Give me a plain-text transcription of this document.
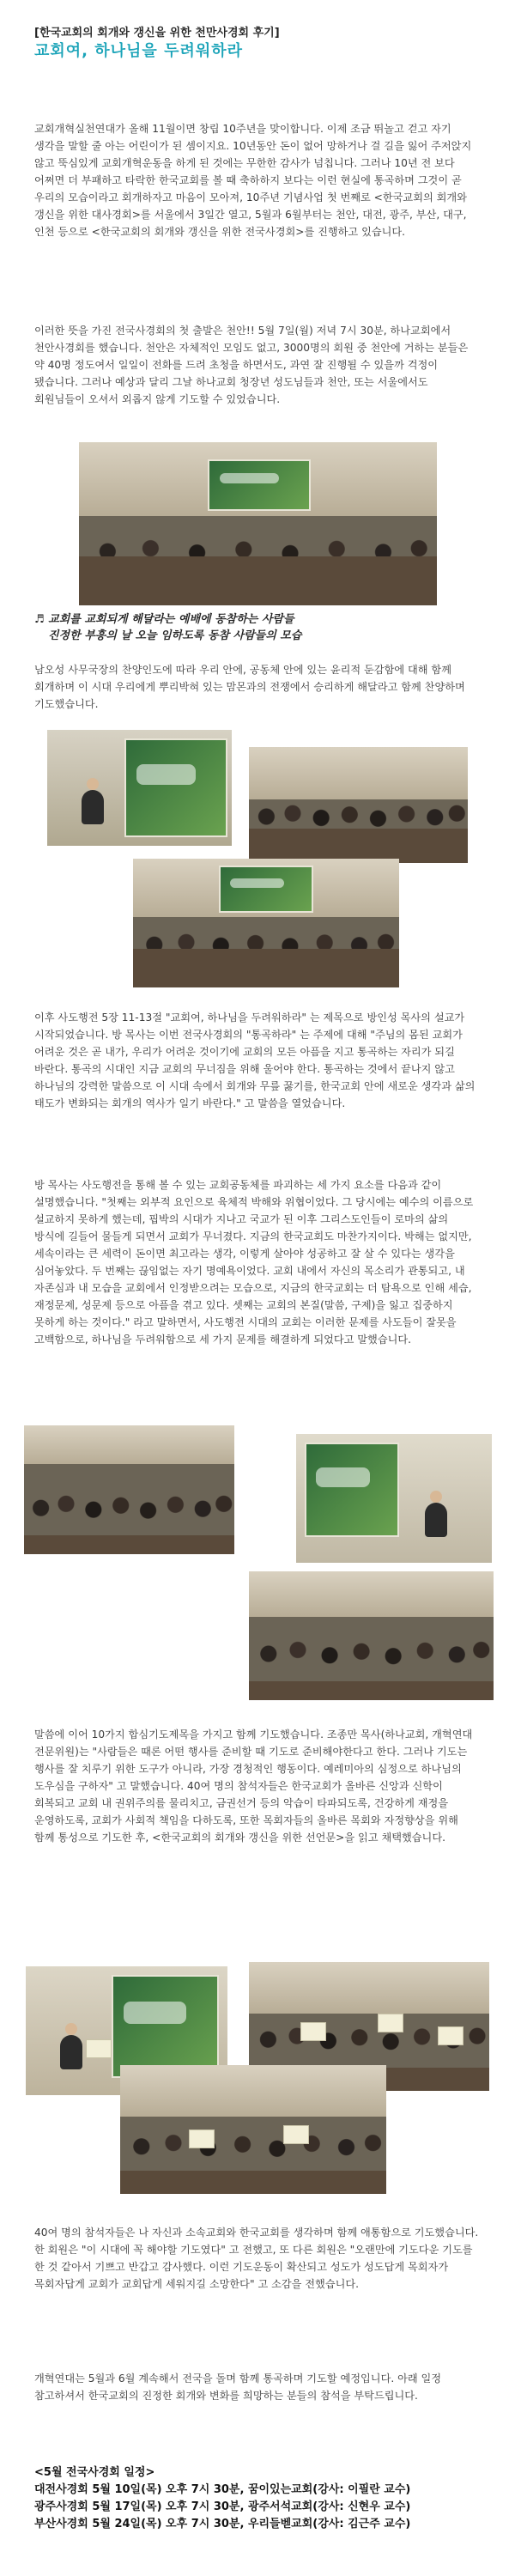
[한국교회의 회개와 갱신을 위한 천만사경회 후기]
교회여, 하나님을 두려워하라

교회개혁실천연대가 올해 11월이면 창립 10주년을 맞이합니다. 이제 조금 뛰놀고 걷고 자기 생각을 말할 줄 아는 어린이가 된 셈이지요. 10년동안 돈이 없어 망하거나 걸 길을 잃어 주저앉지 않고 뚝심있게 교회개혁운동을 하게 된 것에는 무한한 감사가 넘칩니다. 그러나 10년 전 보다 어쩌면 더 부패하고 타락한 한국교회를 볼 때 축하하지 보다는 이런 현실에 통곡하며 그것이 곧 우리의 모습이라고 회개하자고 마음이 모아져, 10주년 기념사업 첫 번째로 <한국교회의 회개와 갱신을 위한 대사경회>를 서울에서 3일간 열고, 5월과 6월부터는 천안, 대전, 광주, 부산, 대구, 인천 등으로 <한국교회의 회개와 갱신을 위한 전국사경회>를 진행하고 있습니다.

이러한 뜻을 가진 전국사경회의 첫 출발은 천안!! 5월 7일(월) 저녁 7시 30분, 하나교회에서 천안사경회를 했습니다. 천안은 자체적인 모임도 없고, 3000명의 회원 중 천안에 거하는 분들은 약 40명 정도여서 일일이 전화를 드려 초청을 하면서도, 과연 잘 진행될 수 있을까 걱정이 됐습니다. 그러나 예상과 달리 그날 하나교회 청장년 성도님들과 천안, 또는 서울에서도 회원님들이 오셔서 외롭지 않게 기도할 수 있었습니다.

♬ 교회를 교회되게 해달라는 예배에 동참하는 사람들
진정한 부흥의 날 오늘 임하도록 동참 사람들의 모습

남오성 사무국장의 찬양인도에 따라 우리 안에, 공동체 안에 있는 윤리적 둔감함에 대해 함께 회개하며 이 시대 우리에게 뿌리박혀 있는 맘몬과의 전쟁에서 승리하게 해달라고 함께 찬양하며 기도했습니다.

이후 사도행전 5장 11-13절 "교회여, 하나님을 두려워하라" 는 제목으로 방인성 목사의 설교가 시작되었습니다. 방 목사는 이번 전국사경회의 "통곡하라" 는 주제에 대해 "주님의 몸된 교회가 어려운 것은 곧 내가, 우리가 어려운 것이기에 교회의 모든 아픔을 지고 통곡하는 자리가 되길 바란다. 통곡의 시대인 지금 교회의 무너짐을 위해 울어야 한다. 통곡하는 것에서 끝나지 않고 하나님의 강력한 말씀으로 이 시대 속에서 회개와 무릎 꿇기를, 한국교회 안에 새로운 생각과 삶의 태도가 변화되는 회개의 역사가 일기 바란다." 고 말씀을 열었습니다.

방 목사는 사도행전을 통해 볼 수 있는 교회공동체를 파괴하는 세 가지 요소를 다음과 같이 설명했습니다. "첫째는 외부적 요인으로 육체적 박해와 위협이었다. 그 당시에는 예수의 이름으로 설교하지 못하게 했는데, 핍박의 시대가 지나고 국교가 된 이후 그리스도인들이 로마의 삶의 방식에 길들어 물들게 되면서 교회가 무너졌다. 지금의 한국교회도 마찬가지이다. 박해는 없지만, 세속이라는 큰 세력이 돈이면 최고라는 생각, 이렇게 살아야 성공하고 잘 살 수 있다는 생각을 심어놓았다. 두 번째는 끊임없는 자기 명예욕이었다. 교회 내에서 자신의 목소리가 관통되고, 내 자존심과 내 모습을 교회에서 인정받으려는 모습으로, 지금의 한국교회는 더 탐욕으로 인해 세습, 재정문제, 성문제 등으로 아픔을 겪고 있다. 셋째는 교회의 본질(말씀, 구제)을 잃고 집중하지 못하게 하는 것이다." 라고 말하면서, 사도행전 시대의 교회는 이러한 문제를 사도들이 잘못을 고백함으로, 하나님을 두려워함으로 세 가지 문제를 해결하게 되었다고 말했습니다.

말씀에 이어 10가지 합심기도제목을 가지고 함께 기도했습니다. 조종만 목사(하나교회, 개혁연대 전문위원)는 "사람들은 때론 어떤 행사를 준비할 때 기도로 준비해야한다고 한다. 그러나 기도는 행사를 잘 치루기 위한 도구가 아니라, 가장 경청적인 행동이다. 예레미아의 심정으로 하나님의 도우심을 구하자" 고 말했습니다. 40여 명의 참석자들은 한국교회가 올바른 신앙과 신학이 회복되고 교회 내 권위주의를 물리치고, 금권선거 등의 악습이 타파되도록, 건강하게 재정을 운영하도록, 교회가 사회적 책임을 다하도록, 또한 목회자들의 올바른 목회와 자정향상을 위해 함께 통성으로 기도한 후, <한국교회의 회개와 갱신을 위한 선언문>을 읽고 채택했습니다.

40여 명의 참석자들은 나 자신과 소속교회와 한국교회를 생각하며 함께 애통함으로 기도했습니다. 한 회원은 "이 시대에 꼭 해야할 기도였다" 고 전했고, 또 다른 회원은 "오랜만에 기도다운 기도를 한 것 같아서 기쁘고 반갑고 감사했다. 이런 기도운동이 확산되고 성도가 성도답게 목회자가 목회자답게 교회가 교회답게 세워지길 소망한다" 고 소감을 전했습니다.

개혁연대는 5월과 6월 계속해서 전국을 돌며 함께 통곡하며 기도할 예정입니다. 아래 일정 참고하셔서 한국교회의 진정한 회개와 변화를 희망하는 분들의 참석을 부탁드립니다.

<5월 전국사경회 일정>
대전사경회 5월 10일(목) 오후 7시 30분, 꿈이있는교회(강사: 이필란 교수)
광주사경회 5월 17일(목) 오후 7시 30분, 광주서석교회(강사: 신현우 교수)
부산사경회 5월 24일(목) 오후 7시 30분, 우리들벧교회(강사: 김근주 교수)
